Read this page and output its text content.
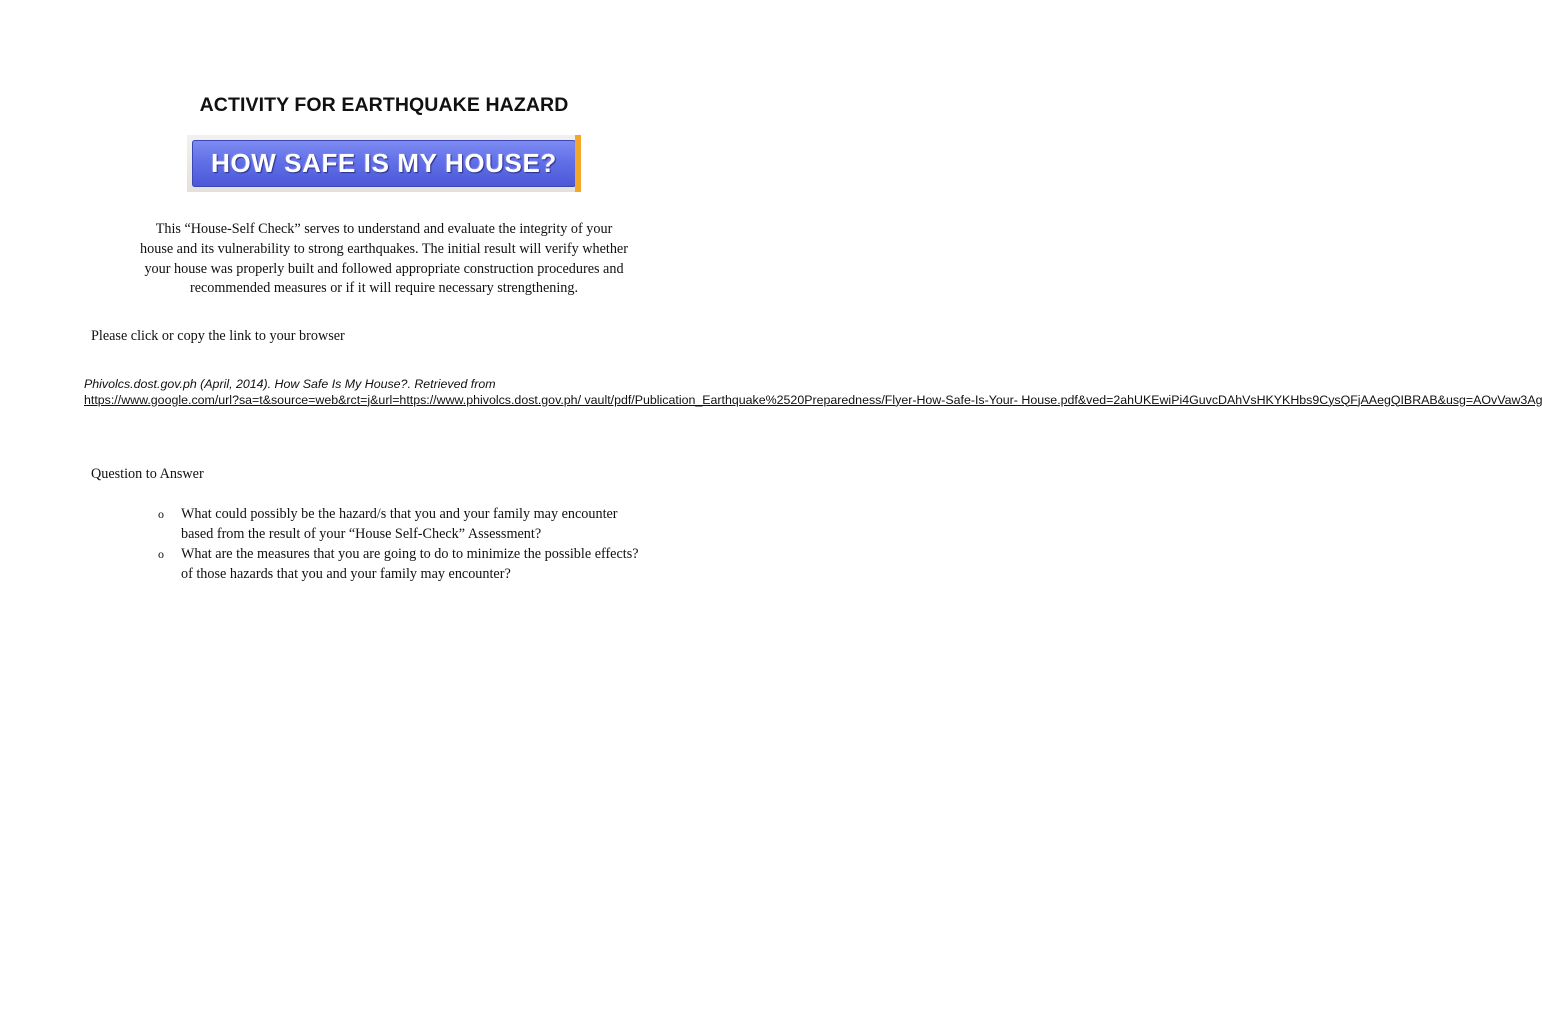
ACTIVITY FOR EARTHQUAKE HAZARD
HOW SAFE IS MY HOUSE?
This “House-Self Check” serves to understand and evaluate the integrity of your
house and its vulnerability to strong earthquakes. The initial result will verify whether
your house was properly built and followed appropriate construction procedures and
recommended measures or if it will require necessary strengthening.
Please click or copy the link to your browser
Phivolcs.dost.gov.ph (April, 2014). How Safe Is My House?. Retrieved from
https://www.google.com/url?sa=t&source=web&rct=j&url=https://www.phivolcs.dost.gov.ph/ vault/pdf/Publication_Earthquake%2520Preparedness/Flyer-How-Safe-Is-Your- House.pdf&ved=2ahUKEwiPi4GuvcDAhVsHKYKHbs9CysQFjAAegQIBRAB&usg=AOvVaw3Ag
Question to Answer
o What could possibly be the hazard/s that you and your family may encounter
based from the result of your “House Self-Check” Assessment?
o What are the measures that you are going to do to minimize the possible effects?
of those hazards that you and your family may encounter?
